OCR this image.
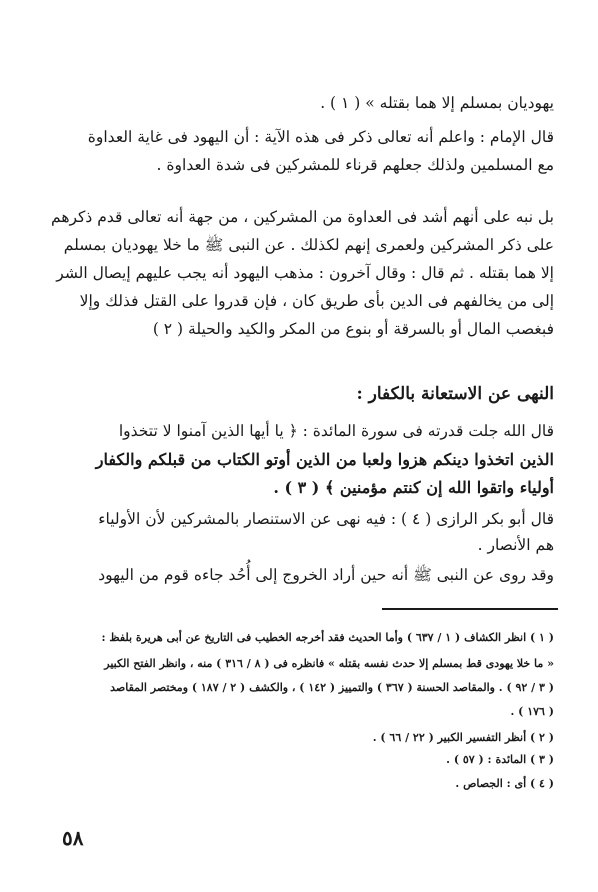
يهوديان بمسلم إلا هما بقتله » ( ١ ) .
قال الإمام : واعلم أنه تعالى ذكر فى هذه الآية : أن اليهود فى غاية العداوة
مع المسلمين ولذلك جعلهم قرناء للمشركين فى شدة العداوة .
بل نبه على أنهم أشد فى العداوة من المشركين ، من جهة أنه تعالى قدم ذكرهم
على ذكر المشركين ولعمرى إنهم لكذلك . عن النبى ﷺ ما خلا يهوديان بمسلم
إلا هما بقتله . ثم قال : وقال آخرون : مذهب اليهود أنه يجب عليهم إيصال الشر
إلى من يخالفهم فى الدين بأى طريق كان ، فإن قدروا على القتل فذلك وإلا
فبغصب المال أو بالسرقة أو بنوع من المكر والكيد والحيلة ( ٢ )
النهى عن الاستعانة بالكفار :
قال الله جلت قدرته فى سورة المائدة : ﴿ يا أيها الذين آمنوا لا تتخذوا
الذين اتخذوا دينكم هزوا ولعبا من الذين أوتو الكتاب من قبلكم والكفار
أولياء واتقوا الله إن كنتم مؤمنين ﴾ ( ٣ ) .
قال أبو بكر الرازى ( ٤ ) : فيه نهى عن الاستنصار بالمشركين لأن الأولياء
هم الأنصار .
وقد روى عن النبى ﷺ أنه حين أراد الخروج إلى أُحُد جاءه قوم من اليهود
( ١ ) انظر الكشاف ( ١ / ٦٣٧ ) وأما الحديث فقد أخرجه الخطيب فى التاريخ عن أبى هريرة بلفظ :
« ما خلا يهودى قط بمسلم إلا حدث نفسه بقتله » فانظره فى ( ٨ / ٣١٦ ) منه ، وانظر الفتح الكبير
( ٣ / ٩٢ ) . والمقاصد الحسنة ( ٣٦٧ ) والتمييز ( ١٤٢ ) ، والكشف ( ٢ / ١٨٧ ) ومختصر المقاصد
( ١٧٦ ) .
( ٢ ) أنظر التفسير الكبير ( ٢٢ / ٦٦ ) .
( ٣ ) المائدة : ( ٥٧ ) .
( ٤ ) أى : الجصاص .
٥٨
